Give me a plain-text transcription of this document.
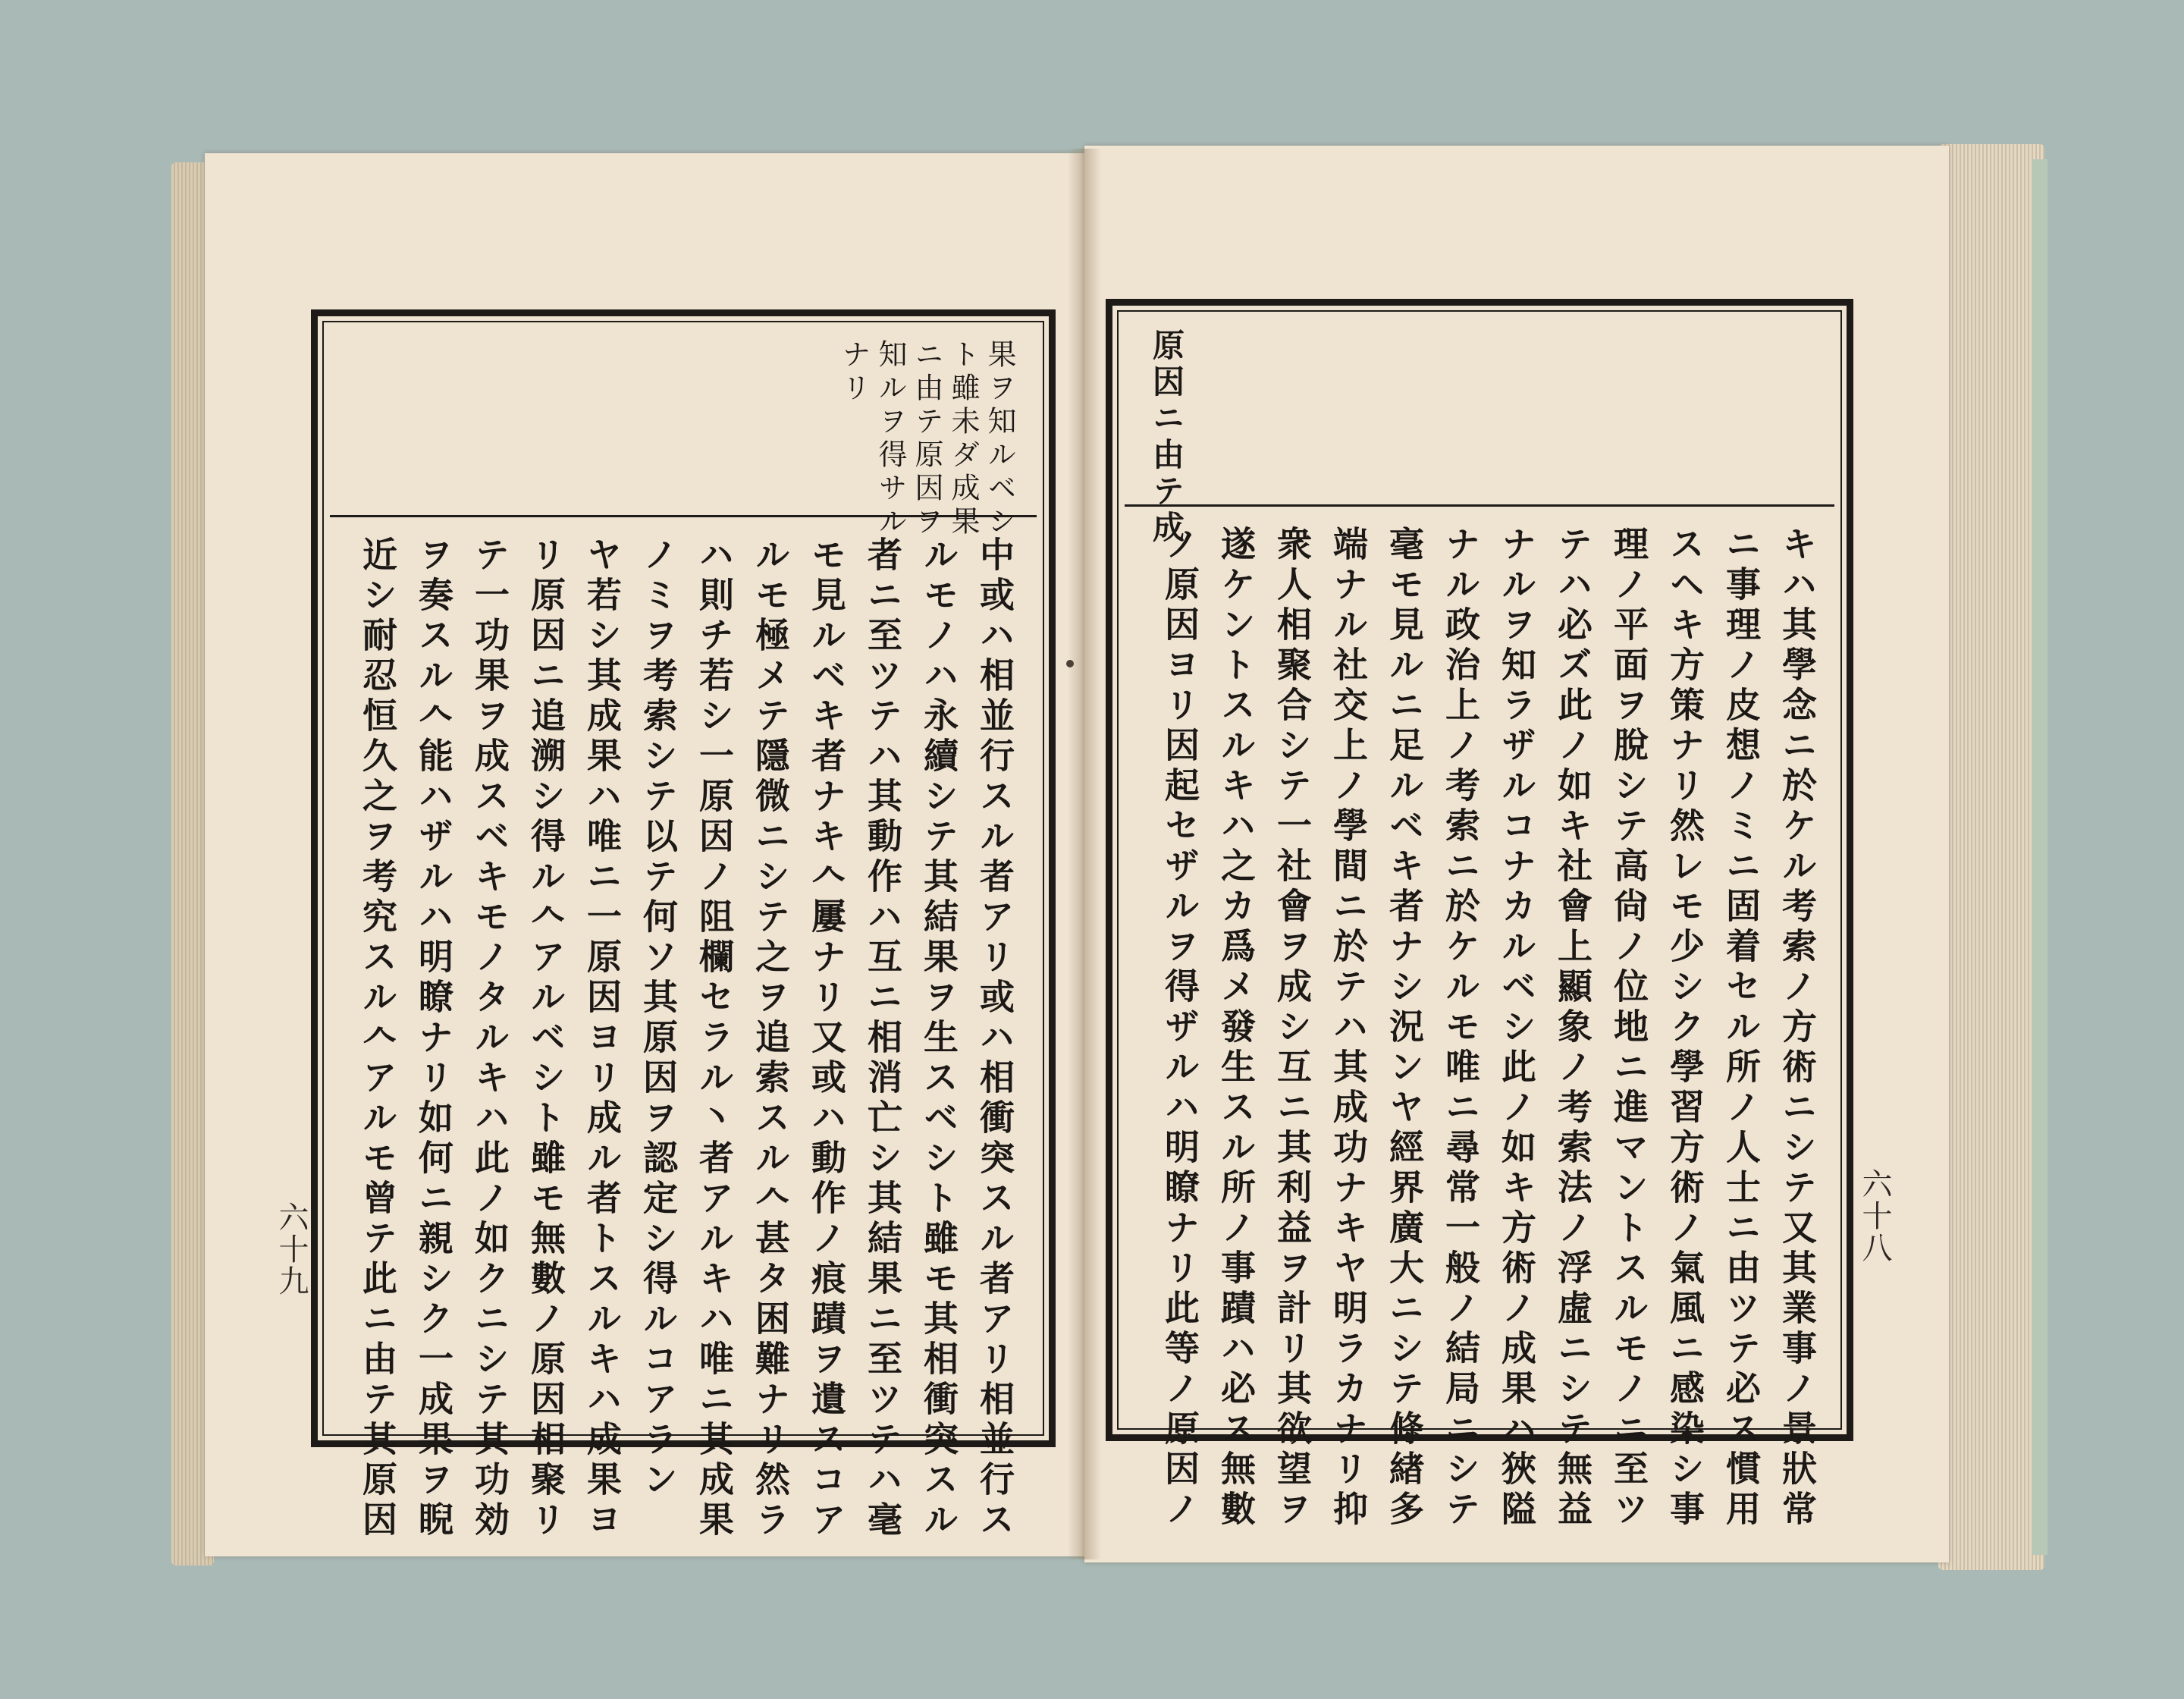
果ヲ知ルベシ
ト雖未ダ成果
ニ由テ原因ヲ
知ルヲ得サル
ナリ
中或ハ相並行スル者アリ或ハ相衝突スル者アリ相並行ス
ルモノハ永續シテ其結果ヲ生スベシト雖モ其相衝突スル
者ニ至ツテハ其動作ハ互ニ相消亡シ其結果ニ至ツテハ毫
モ見ルベキ者ナキ𠆢屢ナリ又或ハ動作ノ痕蹟ヲ遺スコア
ルモ極メテ隱微ニシテ之ヲ追索スル𠆢甚タ困難ナリ然ラ
ハ則チ若シ一原因ノ阻欄セラル丶者アルキハ唯ニ其成果
ノミヲ考索シテ以テ何ソ其原因ヲ認定シ得ルコアラン
ヤ若シ其成果ハ唯ニ一原因ヨリ成ル者トスルキハ成果ヨ
リ原因ニ追溯シ得ル𠆢アルベシト雖モ無數ノ原因相聚リ
テ一功果ヲ成スベキモノタルキハ此ノ如クニシテ其功効
ヲ奏スル𠆢能ハザルハ明瞭ナリ如何ニ親シク一成果ヲ睨
近シ耐忍恒久之ヲ考究スル𠆢アルモ曾テ此ニ由テ其原因
原因ニ由テ成
キハ其學念ニ於ケル考索ノ方術ニシテ又其業事ノ景狀常
ニ事理ノ皮想ノミニ固着セル所ノ人士ニ由ツテ必ス慣用
スヘキ方策ナリ然レモ少シク學習方術ノ氣風ニ感染シ事
理ノ平面ヲ脫シテ高尙ノ位地ニ進マントスルモノニ至ツ
テハ必ズ此ノ如キ社會上顯象ノ考索法ノ浮虛ニシテ無益
ナルヲ知ラザルコナカルベシ此ノ如キ方術ノ成果ハ狹隘
ナル政治上ノ考索ニ於ケルモ唯ニ尋常一般ノ結局ニシテ
毫モ見ルニ足ルベキ者ナシ況ンヤ經界廣大ニシテ條緖多
端ナル社交上ノ學間ニ於テハ其成功ナキヤ明ラカナリ抑
衆人相聚合シテ一社會ヲ成シ互ニ其利益ヲ計リ其欲望ヲ
遂ケントスルキハ之カ爲メ發生スル所ノ事蹟ハ必ス無數
ノ原因ヨリ因起セザルヲ得ザルハ明瞭ナリ此等ノ原因ノ
六十九	六十八
